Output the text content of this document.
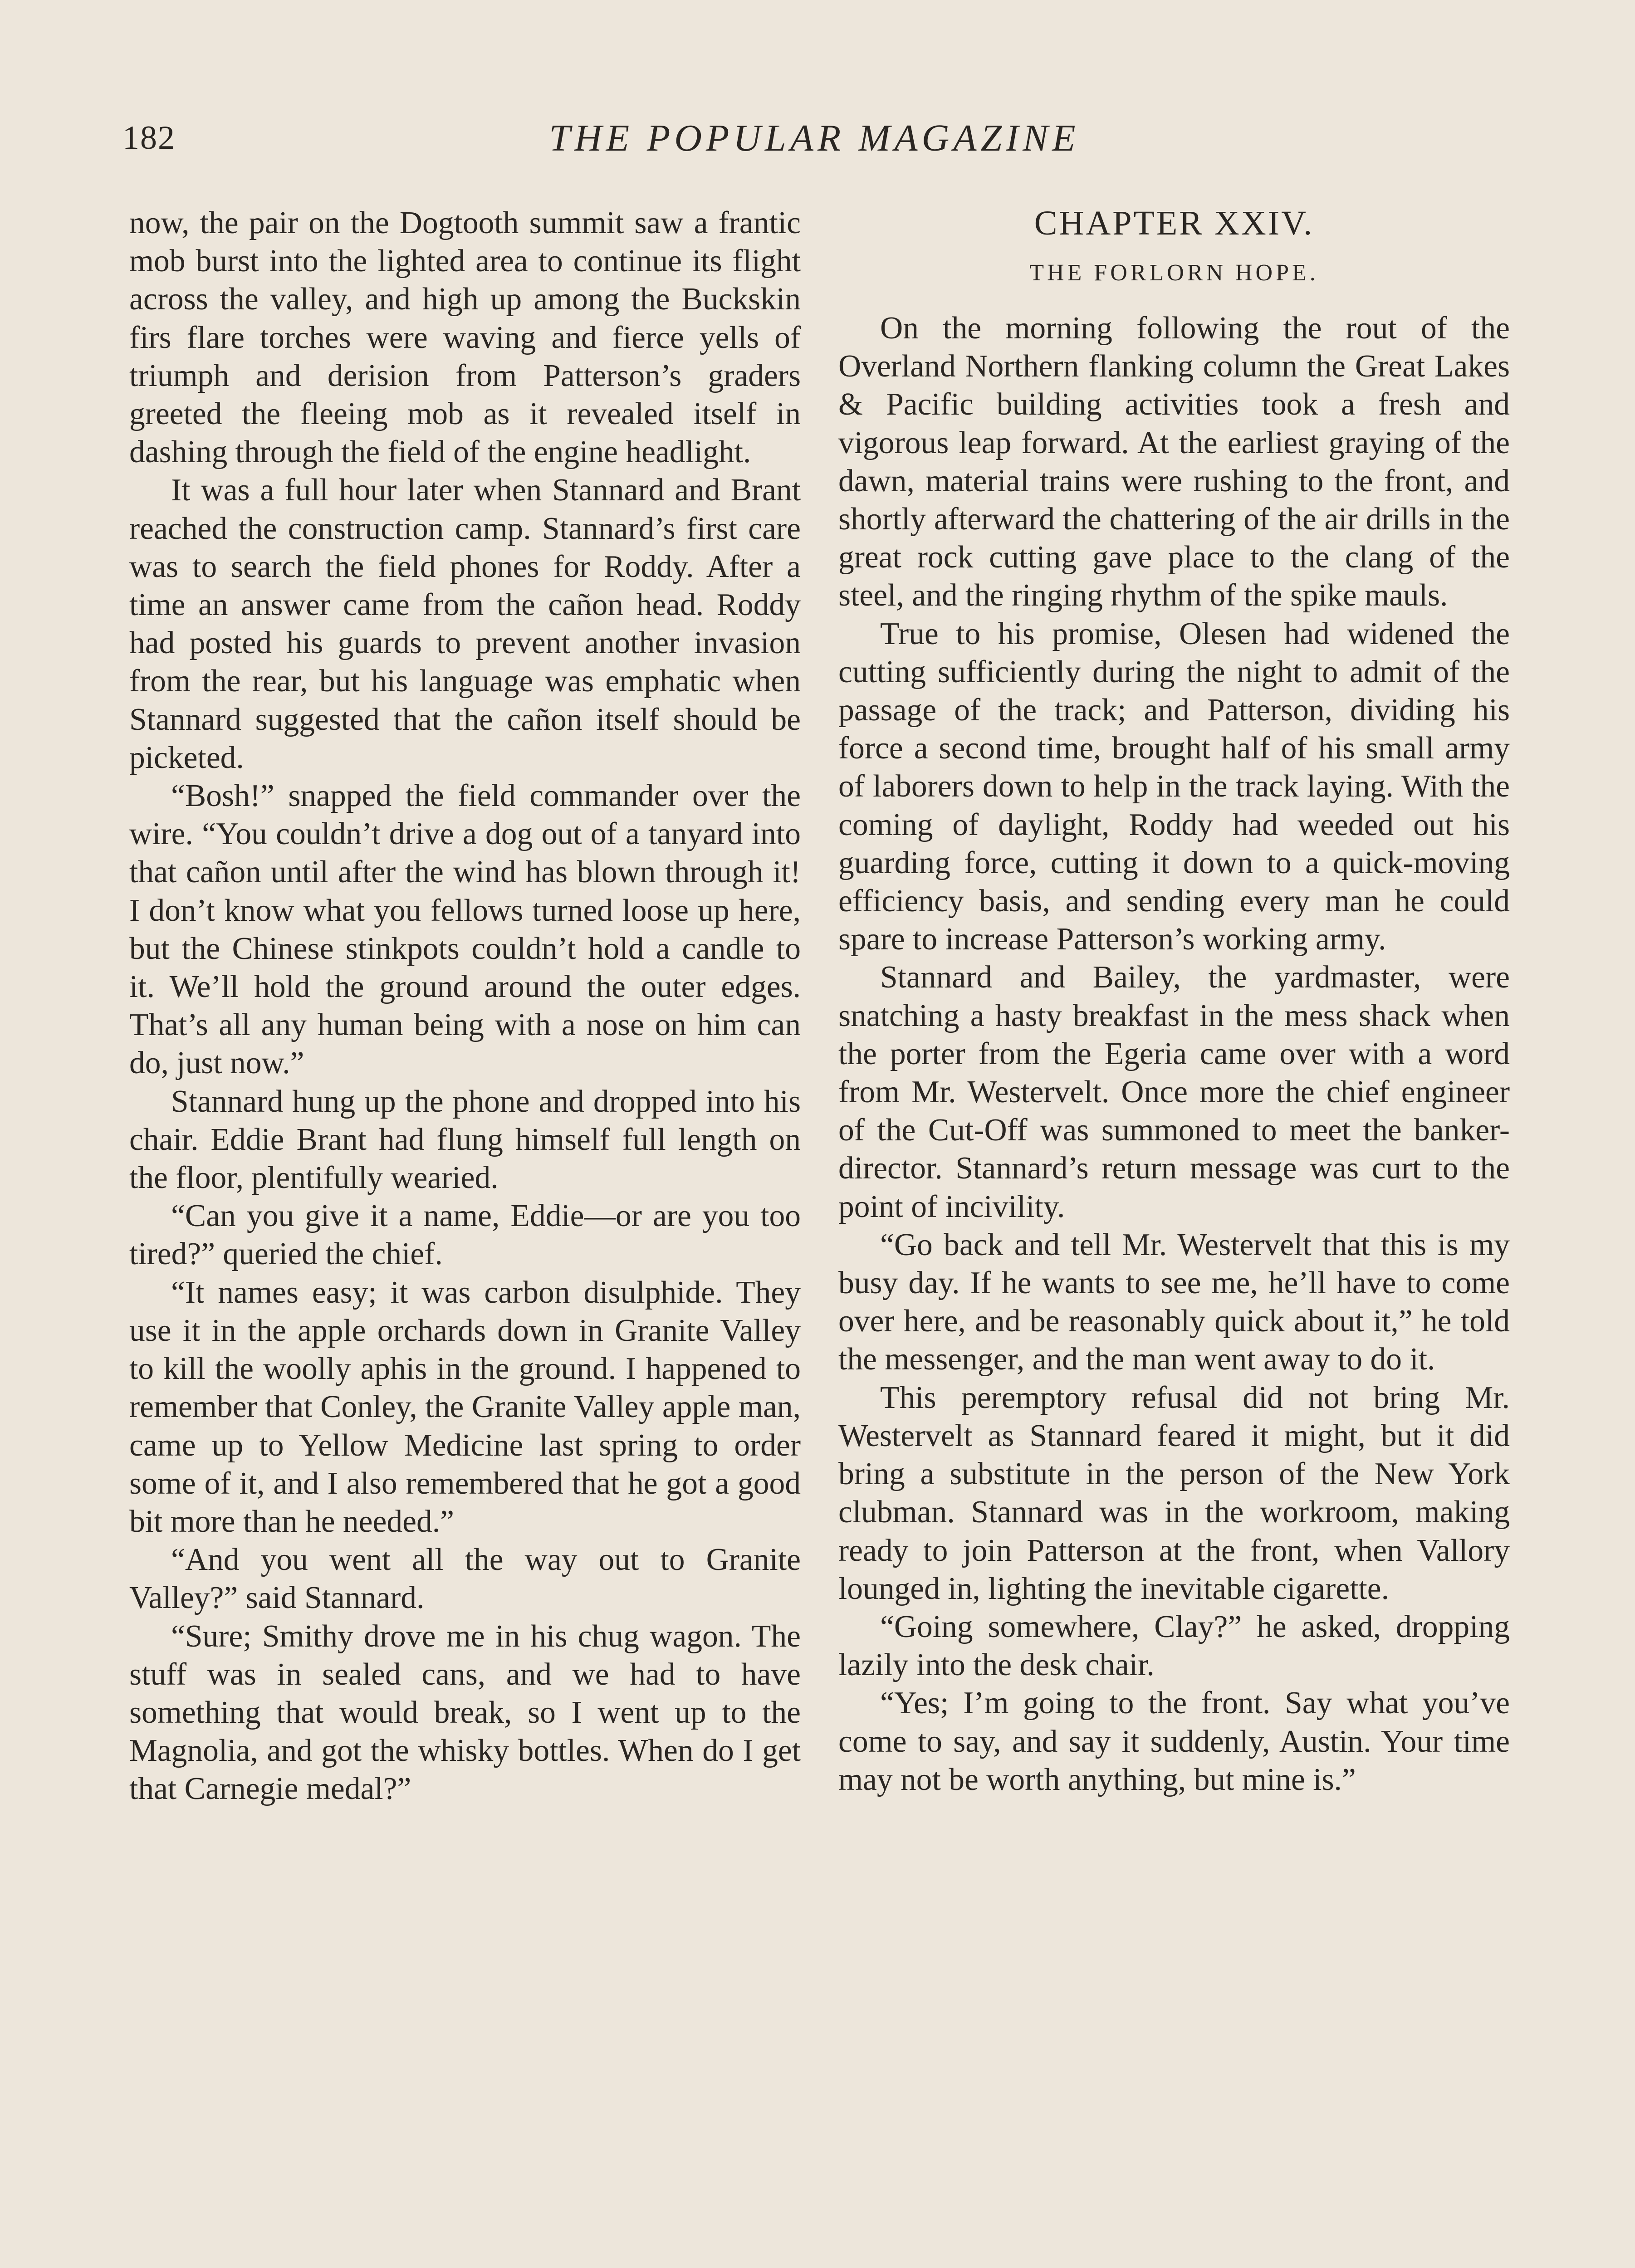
182	THE POPULAR MAGAZINE

now, the pair on the Dogtooth summit saw a frantic mob burst into the lighted area to continue its flight across the valley, and high up among the Buckskin firs flare torches were waving and fierce yells of triumph and derision from Patterson’s graders greeted the fleeing mob as it revealed itself in dashing through the field of the engine headlight.

It was a full hour later when Stannard and Brant reached the construction camp. Stannard’s first care was to search the field phones for Roddy. After a time an answer came from the cañon head. Roddy had posted his guards to prevent another invasion from the rear, but his language was emphatic when Stannard suggested that the cañon itself should be picketed.

“Bosh!” snapped the field commander over the wire. “You couldn’t drive a dog out of a tanyard into that cañon until after the wind has blown through it! I don’t know what you fellows turned loose up here, but the Chinese stinkpots couldn’t hold a candle to it. We’ll hold the ground around the outer edges. That’s all any human being with a nose on him can do, just now.”

Stannard hung up the phone and dropped into his chair. Eddie Brant had flung himself full length on the floor, plentifully wearied.

“Can you give it a name, Eddie—or are you too tired?” queried the chief.

“It names easy; it was carbon disulphide. They use it in the apple orchards down in Granite Valley to kill the woolly aphis in the ground. I happened to remember that Conley, the Granite Valley apple man, came up to Yellow Medicine last spring to order some of it, and I also remembered that he got a good bit more than he needed.”

“And you went all the way out to Granite Valley?” said Stannard.

“Sure; Smithy drove me in his chug wagon. The stuff was in sealed cans, and we had to have something that would break, so I went up to the Magnolia, and got the whisky bottles. When do I get that Carnegie medal?”

CHAPTER XXIV.
THE FORLORN HOPE.

On the morning following the rout of the Overland Northern flanking column the Great Lakes & Pacific building activities took a fresh and vigorous leap forward. At the earliest graying of the dawn, material trains were rushing to the front, and shortly afterward the chattering of the air drills in the great rock cutting gave place to the clang of the steel, and the ringing rhythm of the spike mauls.

True to his promise, Olesen had widened the cutting sufficiently during the night to admit of the passage of the track; and Patterson, dividing his force a second time, brought half of his small army of laborers down to help in the track laying. With the coming of daylight, Roddy had weeded out his guarding force, cutting it down to a quick-moving efficiency basis, and sending every man he could spare to increase Patterson’s working army.

Stannard and Bailey, the yardmaster, were snatching a hasty breakfast in the mess shack when the porter from the Egeria came over with a word from Mr. Westervelt. Once more the chief engineer of the Cut-Off was summoned to meet the banker-director. Stannard’s return message was curt to the point of incivility.

“Go back and tell Mr. Westervelt that this is my busy day. If he wants to see me, he’ll have to come over here, and be reasonably quick about it,” he told the messenger, and the man went away to do it.

This peremptory refusal did not bring Mr. Westervelt as Stannard feared it might, but it did bring a substitute in the person of the New York clubman. Stannard was in the workroom, making ready to join Patterson at the front, when Vallory lounged in, lighting the inevitable cigarette.

“Going somewhere, Clay?” he asked, dropping lazily into the desk chair.

“Yes; I’m going to the front. Say what you’ve come to say, and say it suddenly, Austin. Your time may not be worth anything, but mine is.”
